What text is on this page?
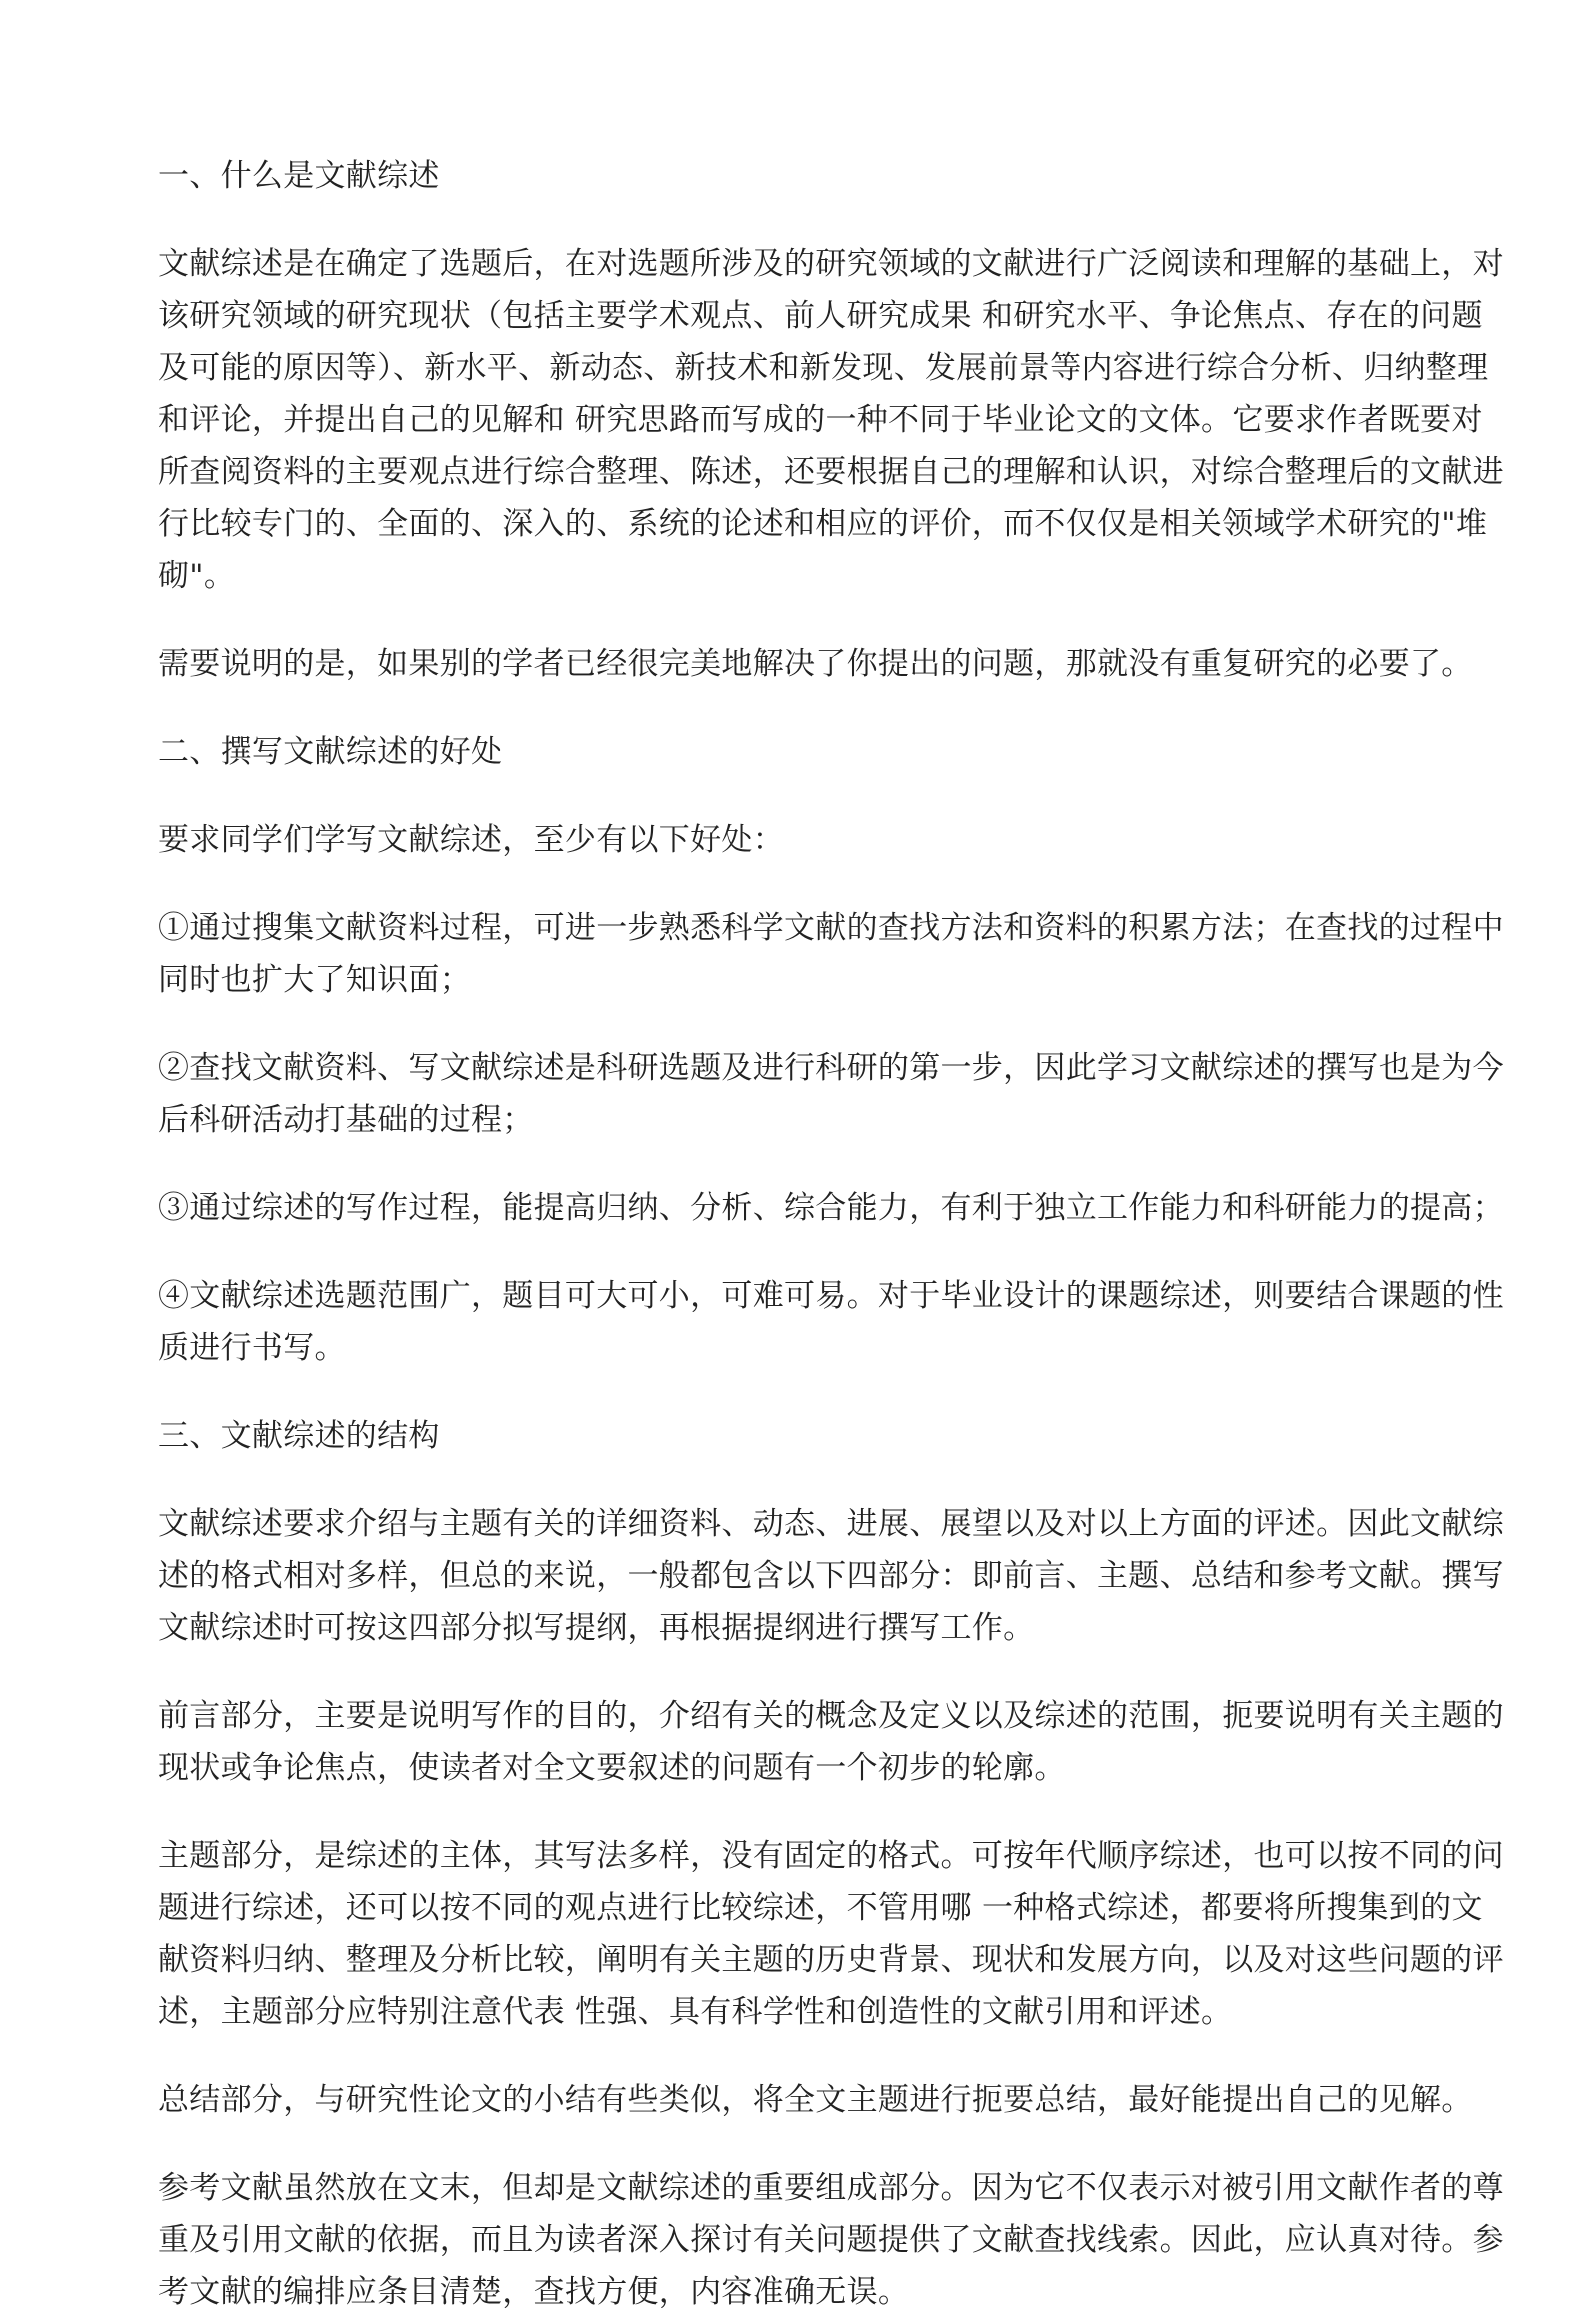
一、什么是文献综述
文献综述是在确定了选题后，在对选题所涉及的研究领域的文献进行广泛阅读和理解的基础上，对该研究领域的研究现状（包括主要学术观点、前人研究成果 和研究水平、争论焦点、存在的问题及可能的原因等）、新水平、新动态、新技术和新发现、发展前景等内容进行综合分析、归纳整理和评论，并提出自己的见解和 研究思路而写成的一种不同于毕业论文的文体。它要求作者既要对所查阅资料的主要观点进行综合整理、陈述，还要根据自己的理解和认识，对综合整理后的文献进行比较专门的、全面的、深入的、系统的论述和相应的评价，而不仅仅是相关领域学术研究的"堆砌"。
需要说明的是，如果别的学者已经很完美地解决了你提出的问题，那就没有重复研究的必要了。
二、撰写文献综述的好处
要求同学们学写文献综述，至少有以下好处：
①通过搜集文献资料过程，可进一步熟悉科学文献的查找方法和资料的积累方法；在查找的过程中同时也扩大了知识面；
②查找文献资料、写文献综述是科研选题及进行科研的第一步，因此学习文献综述的撰写也是为今后科研活动打基础的过程；
③通过综述的写作过程，能提高归纳、分析、综合能力，有利于独立工作能力和科研能力的提高；
④文献综述选题范围广，题目可大可小，可难可易。对于毕业设计的课题综述，则要结合课题的性质进行书写。
三、文献综述的结构
文献综述要求介绍与主题有关的详细资料、动态、进展、展望以及对以上方面的评述。因此文献综述的格式相对多样，但总的来说，一般都包含以下四部分：即前言、主题、总结和参考文献。撰写文献综述时可按这四部分拟写提纲，再根据提纲进行撰写工作。
前言部分，主要是说明写作的目的，介绍有关的概念及定义以及综述的范围，扼要说明有关主题的现状或争论焦点，使读者对全文要叙述的问题有一个初步的轮廓。
主题部分，是综述的主体，其写法多样，没有固定的格式。可按年代顺序综述，也可以按不同的问题进行综述，还可以按不同的观点进行比较综述，不管用哪 一种格式综述，都要将所搜集到的文献资料归纳、整理及分析比较，阐明有关主题的历史背景、现状和发展方向，以及对这些问题的评述，主题部分应特别注意代表 性强、具有科学性和创造性的文献引用和评述。
总结部分，与研究性论文的小结有些类似，将全文主题进行扼要总结，最好能提出自己的见解。
参考文献虽然放在文末，但却是文献综述的重要组成部分。因为它不仅表示对被引用文献作者的尊重及引用文献的依据，而且为读者深入探讨有关问题提供了文献查找线索。因此，应认真对待。参考文献的编排应条目清楚，查找方便，内容准确无误。
